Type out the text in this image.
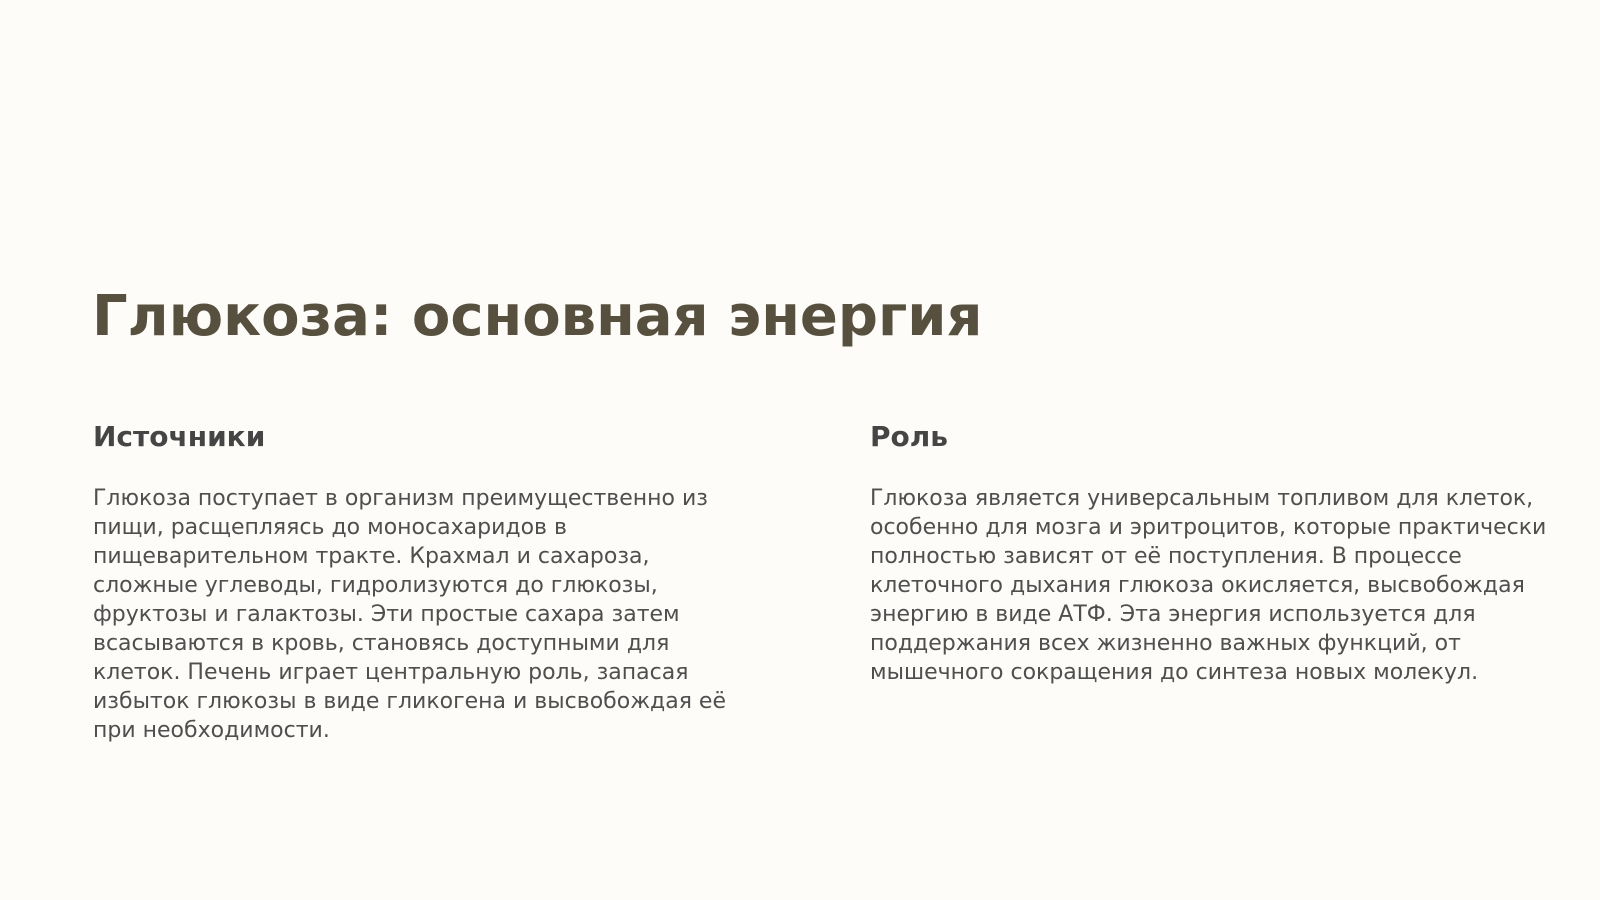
Глюкоза: основная энергия
Источники

Глюкоза поступает в организм преимущественно из пищи, расщепляясь до моносахаридов в пищеварительном тракте. Крахмал и сахароза, сложные углеводы, гидролизуются до глюкозы, фруктозы и галактозы. Эти простые сахара затем всасываются в кровь, становясь доступными для клеток. Печень играет центральную роль, запасая избыток глюкозы в виде гликогена и высвобождая её при необходимости.

Роль

Глюкоза является универсальным топливом для клеток, особенно для мозга и эритроцитов, которые практически полностью зависят от её поступления. В процессе клеточного дыхания глюкоза окисляется, высвобождая энергию в виде АТФ. Эта энергия используется для поддержания всех жизненно важных функций, от мышечного сокращения до синтеза новых молекул.
